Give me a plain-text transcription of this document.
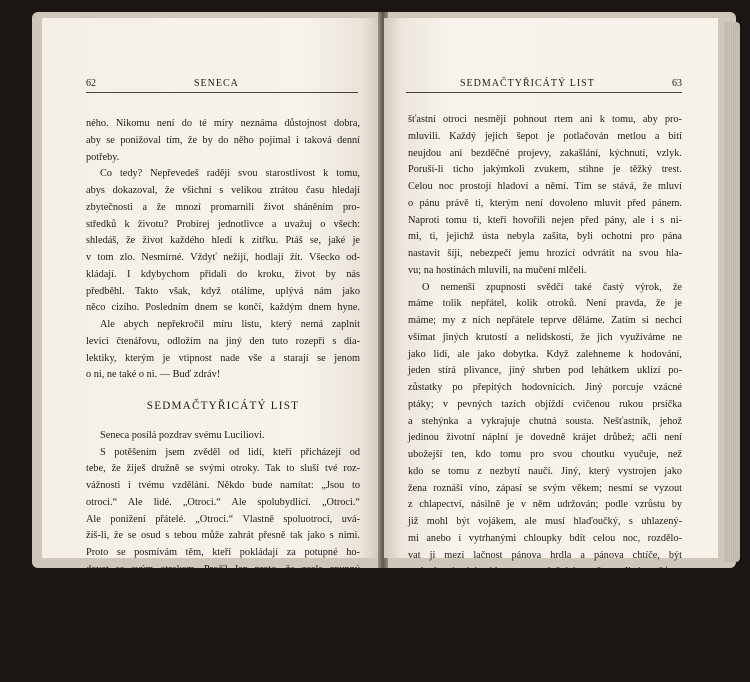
62	SENECA

ného. Nikomu není do té míry neznáma důstojnost dobra,
aby se ponižoval tím, že by do něho pojímal i taková denní
potřeby.
Co tedy? Nepřevedeš raději svou starostlivost k tomu,
abys dokazoval, že všichni s velikou ztrátou času hledají
zbytečnosti a že mnozí promarnili život sháněním pro-
středků k životu? Probírej jednotlivce a uvažuj o všech:
shledáš, že život každého hledí k zítřku. Ptáš se, jaké je
v tom zlo. Nesmírné. Vždyť nežijí, hodlají žít. Všecko od-
kládají. I kdybychom přidali do kroku, život by nás
předběhl. Takto však, když otálíme, uplývá nám jako
něco cizího. Posledním dnem se končí, každým dnem hyne.
Ale abych nepřekročil míru listu, který nemá zaplnit
levici čtenářovu, odložím na jiný den tuto rozepři s dia-
lektiky, kterým je vtipnost nade vše a starají se jenom
o ni, ne také o ni. — Buď zdráv!
SEDMAČTYŘICÁTÝ LIST
Seneca posílá pozdrav svému Luciliovi.
S potěšením jsem zvěděl od lidí, kteří přicházejí od
tebe, že žiješ družně se svými otroky. Tak to sluší tvé roz-
vážnosti i tvému vzdělání. Někdo bude namítat: „Jsou to
otroci.“ Ale lidé. „Otroci.“ Ale spolubydlící. „Otroci.“
Ale ponížení přátelé. „Otroci.“ Vlastně spoluotroci, uvá-
žíš-li, že se osud s tebou může zahrát přesně tak jako s nimi.
Proto se posmívám těm, kteří pokládají za potupné ho-
dovat se svým otrokem. Proč? Jen proto, že zcela zpupný
zvyk obklopil hodujícího pána zástupem stojících otro-
ků. Pán jí více, než je schopen strávit, nemírnou hltavostí
obtěžuje žaludek, který je naplněn až k prasknutí a od-
vykl plnit své poslání, a tak se s větší námahou vyprazd-
ňuje, nežli to všechno do sebe vpravil. Naproti tomu ne-
SEDMAČTYŘICÁTÝ LIST	63

šťastní otroci nesmějí pohnout rtem ani k tomu, aby pro-
mluvili. Každý jejich šepot je potlačován metlou a bití
neujdou ani bezděčné projevy, zakašlání, kýchnutí, vzlyk.
Poruší-li ticho jakýmkoli zvukem, stihne je těžký trest.
Celou noc prostojí hladoví a němí. Tím se stává, že mluví
o pánu právě ti, kterým není dovoleno mluvit před pánem.
Naproti tomu ti, kteří hovořili nejen před pány, ale i s ni-
mi, ti, jejichž ústa nebyla zašita, byli ochotni pro pána
nastavit šíji, nebezpečí jemu hrozící odvrátit na svou hla-
vu; na hostinách mluvili, na mučení mlčeli.
O nemenší zpupnosti svědčí také častý výrok, že
máme tolik nepřátel, kolik otroků. Není pravda, že je
máme; my z nich nepřátele teprve děláme. Zatím si nechci
všímat jiných krutostí a nelidskostí, že jich využíváme ne
jako lidí, ale jako dobytka. Když zalehneme k hodování,
jeden stírá plivance, jiný shrben pod lehátkem uklízí po-
zůstatky po přepitých hodovnících. Jiný porcuje vzácné
ptáky; v pevných tazích objíždí cvičenou rukou prsíčka
a stehýnka a vykrajuje chutná sousta. Nešťastník, jehož
jedinou životní náplní je dovedně krájet drůbež; ačli není
ubožejší ten, kdo tomu pro svou choutku vyučuje, než
kdo se tomu z nezbytí naučí. Jiný, který vystrojen jako
žena roznáší víno, zápasí se svým věkem; nesmí se vyzout
z chlapectví, násilně je v něm udržován; podle vzrůstu by
již mohl být vojákem, ale musí hlaďoučký, s uhlazený-
mi anebo i vytrhanými chloupky bdít celou noc, rozdělo-
vat ji mezi lačnost pánova hrdla a pánova chtíče, být
v hodovní síni chlapcem, v ložnici mužem. Jiný nešťast-
ník, kterému je svěřen dohled nad hodovníky, je ne-
trvale čeká, aby si zaznamenal, kdo má být pro své lichot-
nictví a pro nezřízenost chřtánu nebo jazyka opět pozván
na zítřek. Přidej ještě nakupovače lahůdek, kteří mají
podrobnou znalost pánova patra, kteří vědí, co vzněcuje
jeho chuť, co poutá jeho pohled, jaká novinka může
